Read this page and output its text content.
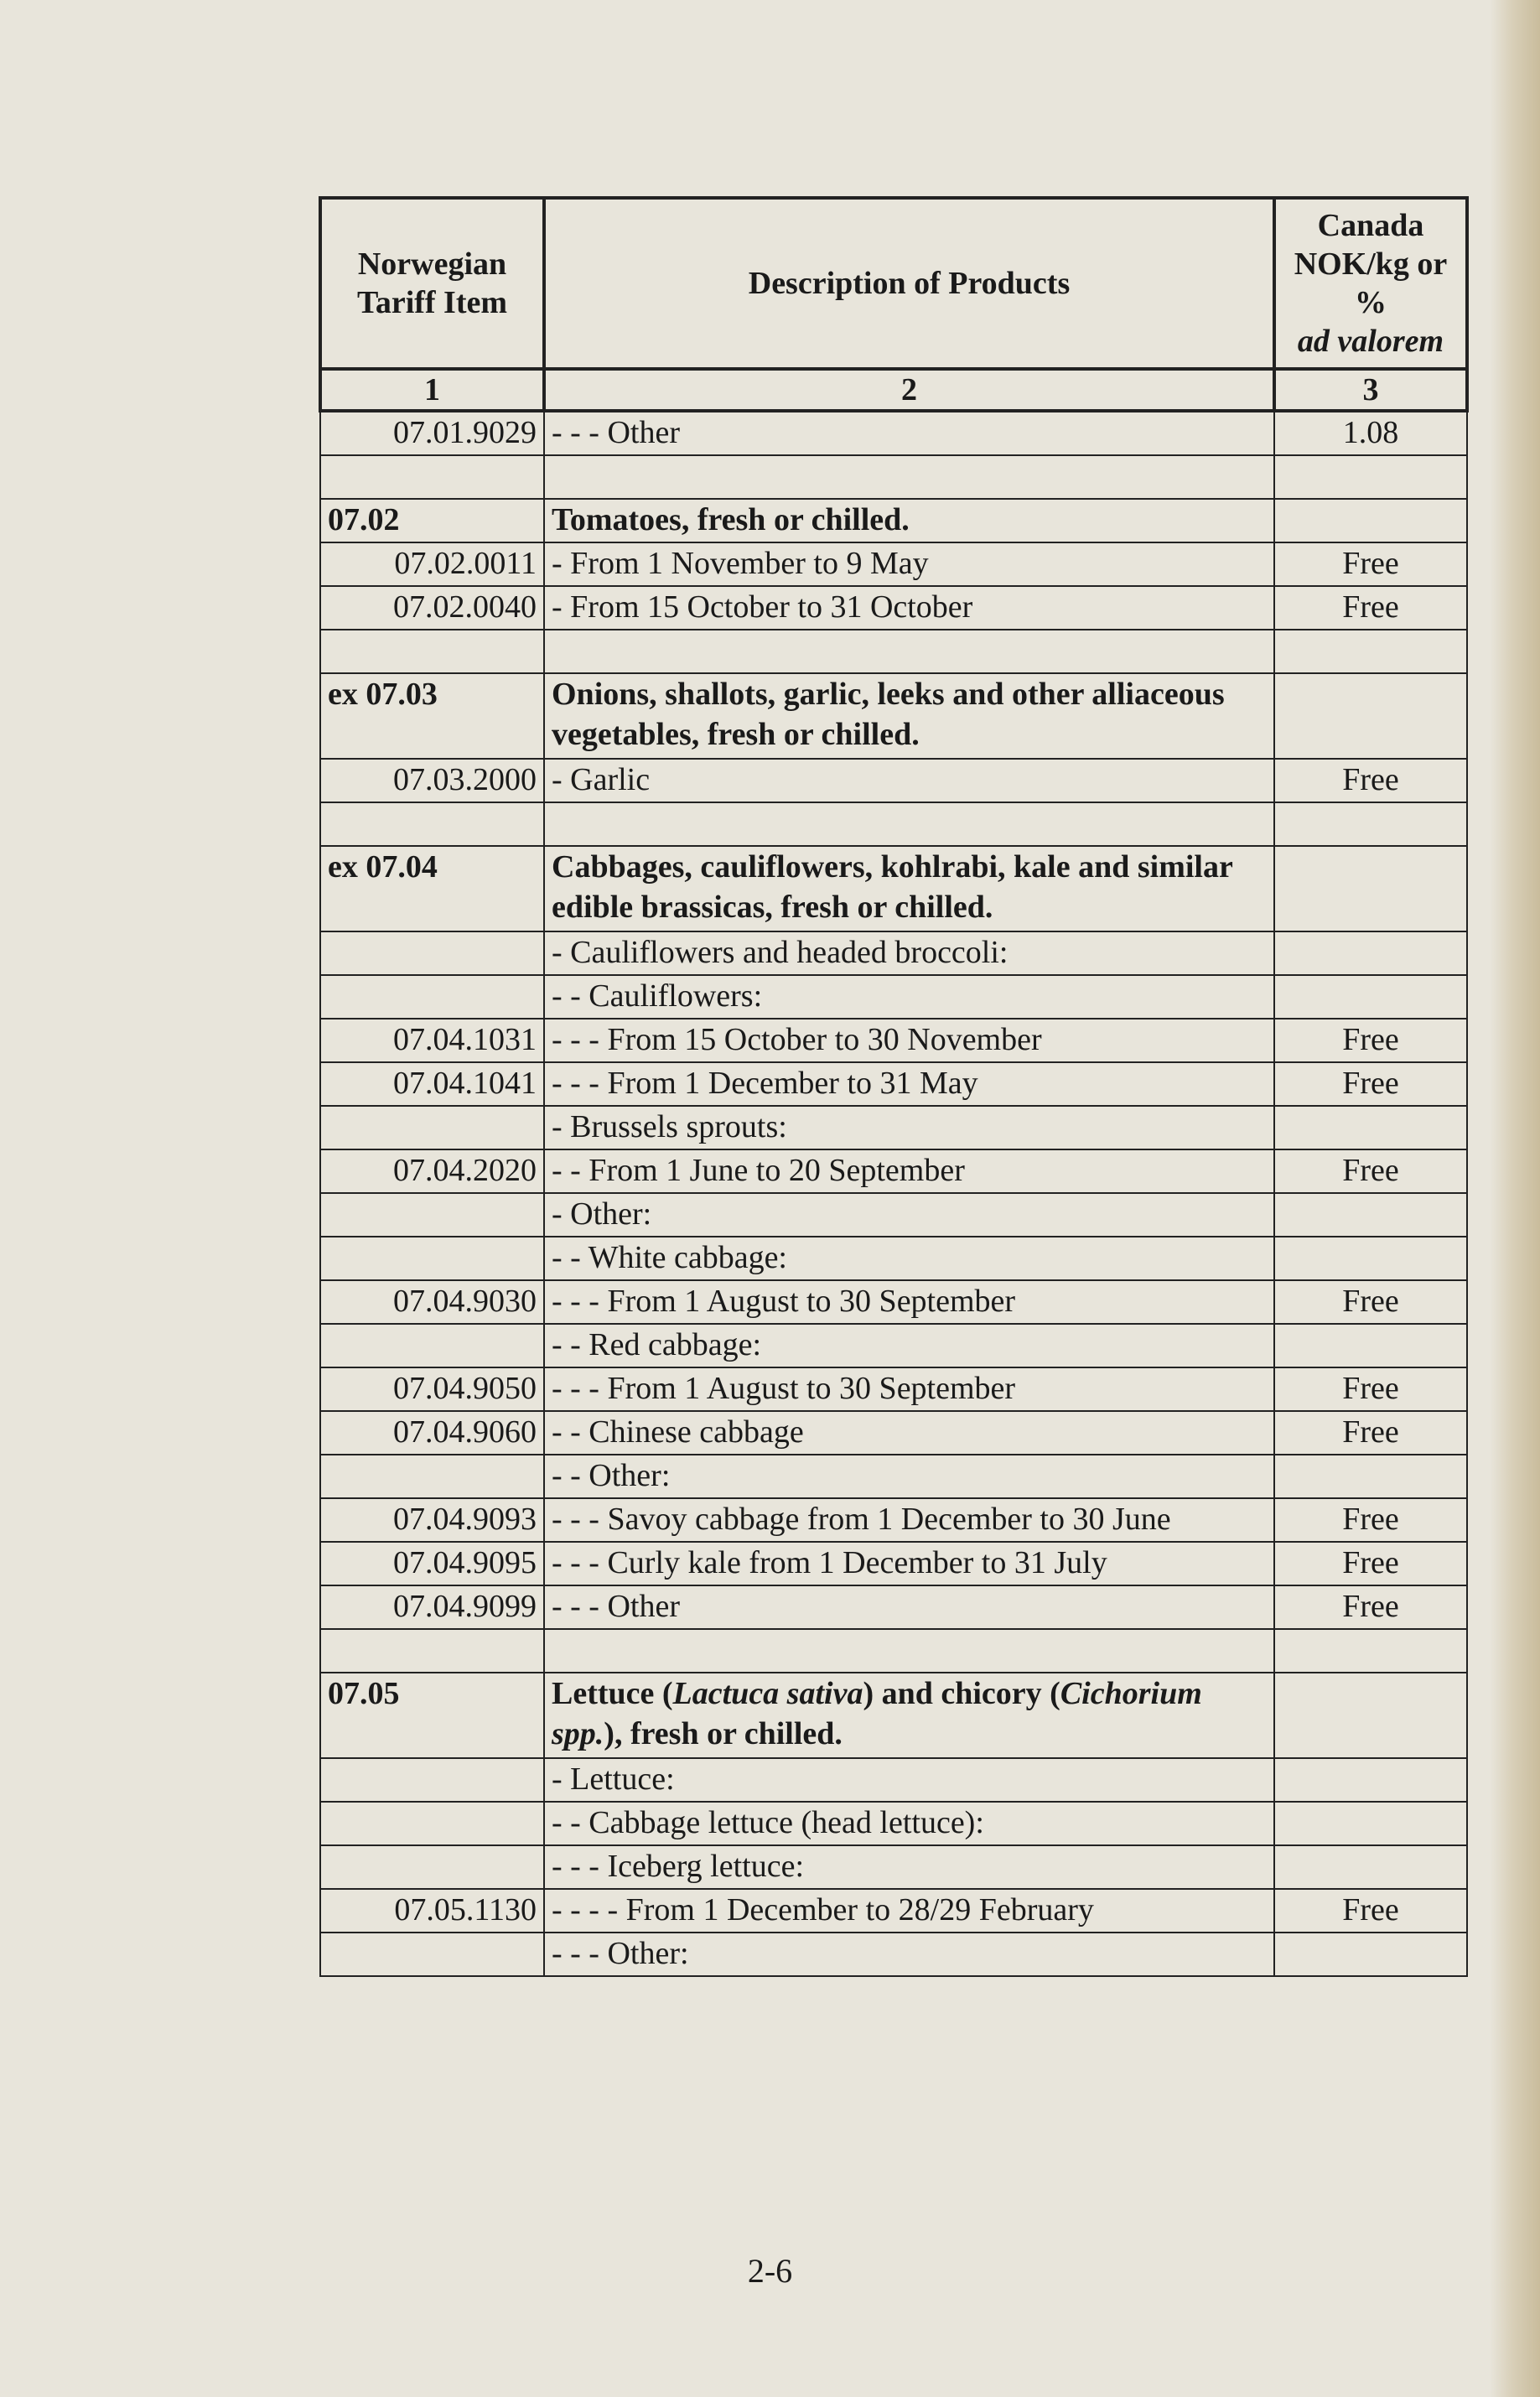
Norwegian Tariff Item	Description of Products	Canada NOK/kg or %
ad valorem
1	2	3
07.01.9029	- - - Other	1.08

07.02	Tomatoes, fresh or chilled.	
07.02.0011	- From 1 November to 9 May	Free
07.02.0040	- From 15 October to 31 October	Free

ex 07.03	Onions, shallots, garlic, leeks and other alliaceous vegetables, fresh or chilled.	
07.03.2000	- Garlic	Free

ex 07.04	Cabbages, cauliflowers, kohlrabi, kale and similar edible brassicas, fresh or chilled.	
	- Cauliflowers and headed broccoli:	
	- - Cauliflowers:	
07.04.1031	- - - From 15 October to 30 November	Free
07.04.1041	- - - From 1 December to 31 May	Free
	- Brussels sprouts:	
07.04.2020	- - From 1 June to 20 September	Free
	- Other:	
	- - White cabbage:	
07.04.9030	- - - From 1 August to 30 September	Free
	- - Red cabbage:	
07.04.9050	- - - From 1 August to 30 September	Free
07.04.9060	- - Chinese cabbage	Free
	- - Other:	
07.04.9093	- - - Savoy cabbage from 1 December to 30 June	Free
07.04.9095	- - - Curly kale from 1 December to 31 July	Free
07.04.9099	- - - Other	Free

07.05	Lettuce (Lactuca sativa) and chicory (Cichorium spp.), fresh or chilled.	
	- Lettuce:	
	- - Cabbage lettuce (head lettuce):	
	- - - Iceberg lettuce:	
07.05.1130	- - - - From 1 December to 28/29 February	Free
	- - - Other:	
2-6
